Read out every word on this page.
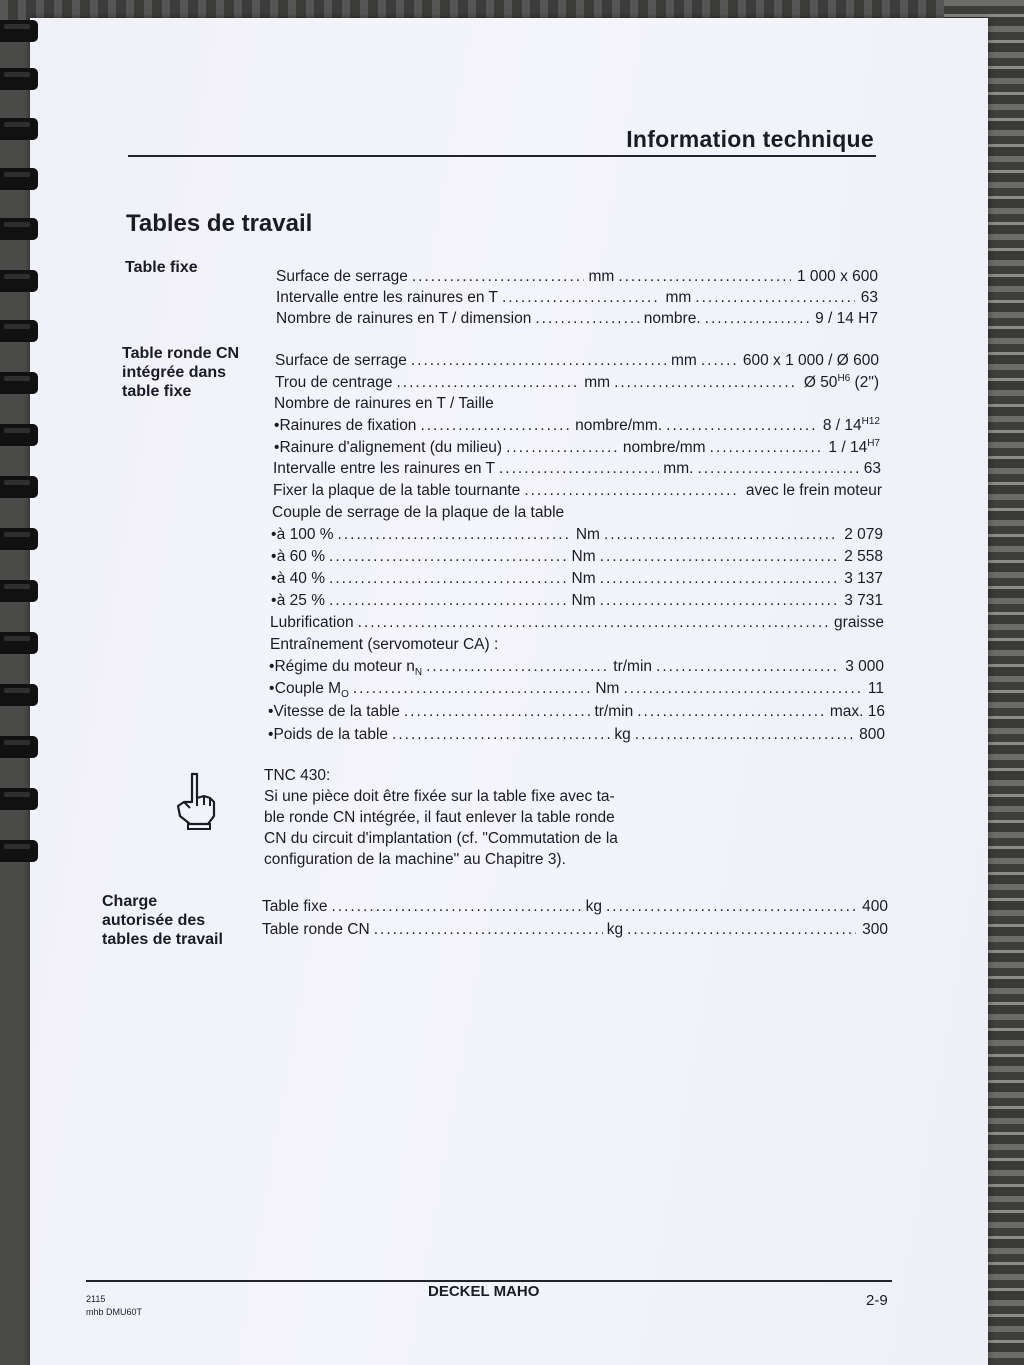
Information technique
Tables de travail
Table fixe
Surface de serrage .....	mm .....	1 000 x 600
Intervalle entre les rainures en T .....	mm .....	63
Nombre de rainures en T / dimension .....	nombre. .....	9 / 14 H7
Table ronde CN
intégrée dans
table fixe
Surface de serrage .....	mm .....	600 x 1 000 / Ø 600
Trou de centrage .....	mm .....	Ø $50^{H6}$ (2")
Nombre de rainures en T / Taille
• Rainures de fixation .....	nombre/mm. .....	$8 / 14^{H12}$
• Rainure d'alignement (du milieu) .....	nombre/mm .....	$1 / 14^{H7}$
Intervalle entre les rainures en T .....	mm. .....	63
Fixer la plaque de la table tournante .....	avec le frein moteur
Couple de serrage de la plaque de la table
• à 100 % .....	Nm .....	2 079
• à 60 % .....	Nm .....	2 558
• à 40 % .....	Nm .....	3 137
• à 25 % .....	Nm .....	3 731
Lubrification .....	graisse
Entraînement (servomoteur CA) :
• Régime du moteur $n_N$ .....	tr/min .....	3 000
• Couple $M_O$ .....	Nm .....	11
• Vitesse de la table .....	tr/min .....	max. 16
• Poids de la table .....	kg .....	800
TNC 430:
Si une pièce doit être fixée sur la table fixe avec ta-ble ronde CN intégrée, il faut enlever la table ronde CN du circuit d'implantation (cf. "Commutation de la configuration de la machine" au Chapitre 3).
Charge
autorisée des
tables de travail
Table fixe .....	kg .....	400
Table ronde CN .....	kg .....	300
DECKEL MAHO
2-9
2115
mhb DMU60T
